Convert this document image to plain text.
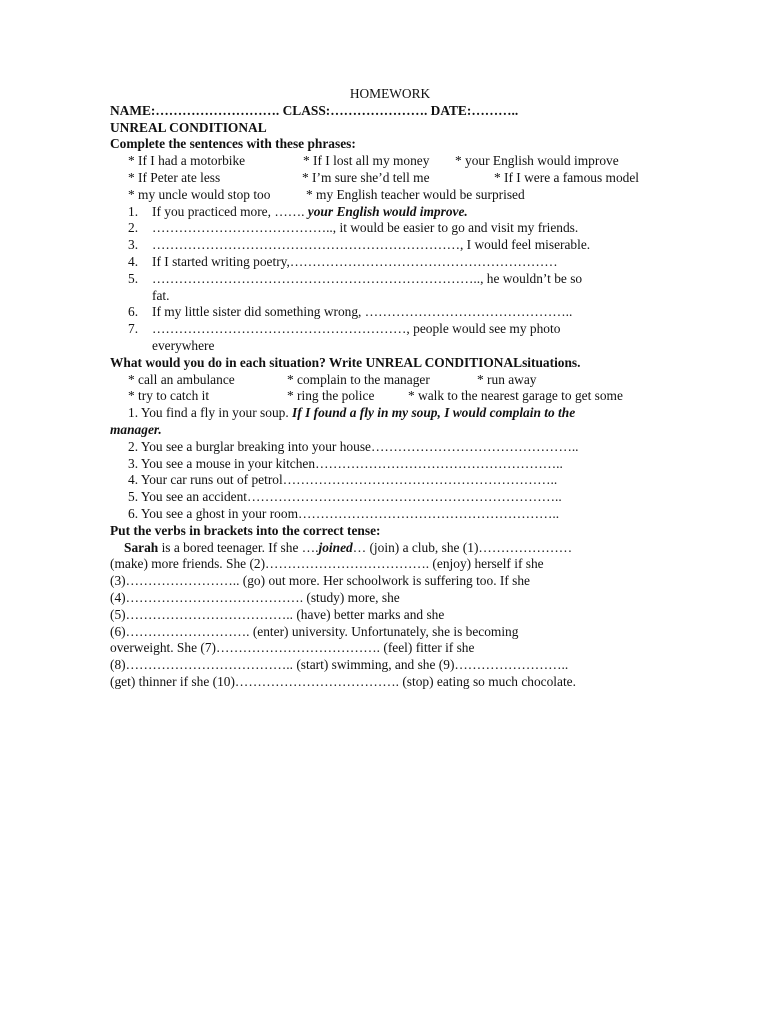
HOMEWORK
NAME:………………………. CLASS:…………………. DATE:………..
UNREAL CONDITIONAL
Complete the sentences with these phrases:
* If I had a motorbike	* If I lost all my money * your English would improve
* If Peter ate less	* I’m sure she’d tell me	* If I were a famous model
* my uncle would stop too	* my English teacher would be surprised
1. If you practiced more, ……. your English would improve.
2. ………………………………….., it would be easier to go and visit my friends.
3. ……………………………………………………………, I would feel miserable.
4. If I started writing poetry,……………………………………………………
5. ……………………………………………………………….., he wouldn’t be so
fat.
6. If my little sister did something wrong, ………………………………………..
7. …………………………………………………, people would see my photo
everywhere
What would you do in each situation? Write UNREAL CONDITIONALsituations.
* call an ambulance	* complain to the manager	* run away
* try to catch it	* ring the police	* walk to the nearest garage to get some
1. You find a fly in your soup. If I found a fly in my soup, I would complain to the
manager.
2. You see a burglar breaking into your house………………………………………..
3. You see a mouse in your kitchen………………………………………………..
4. Your car runs out of petrol……………………………………………………..
5. You see an accident……………………………………………………………..
6. You see a ghost in your room…………………………………………………..
Put the verbs in brackets into the correct tense:
Sarah is a bored teenager. If she ….joined… (join) a club, she (1)…………………
(make) more friends. She (2)………………………………. (enjoy) herself if she
(3)…………………….. (go) out more. Her schoolwork is suffering too. If she
(4)…………………………………. (study) more, she
(5)……………………………….. (have) better marks and she
(6)………………………. (enter) university. Unfortunately, she is becoming
overweight. She (7)………………………………. (feel) fitter if she
(8)……………………………….. (start) swimming, and she (9)……………………..
(get) thinner if she (10)………………………………. (stop) eating so much chocolate.
